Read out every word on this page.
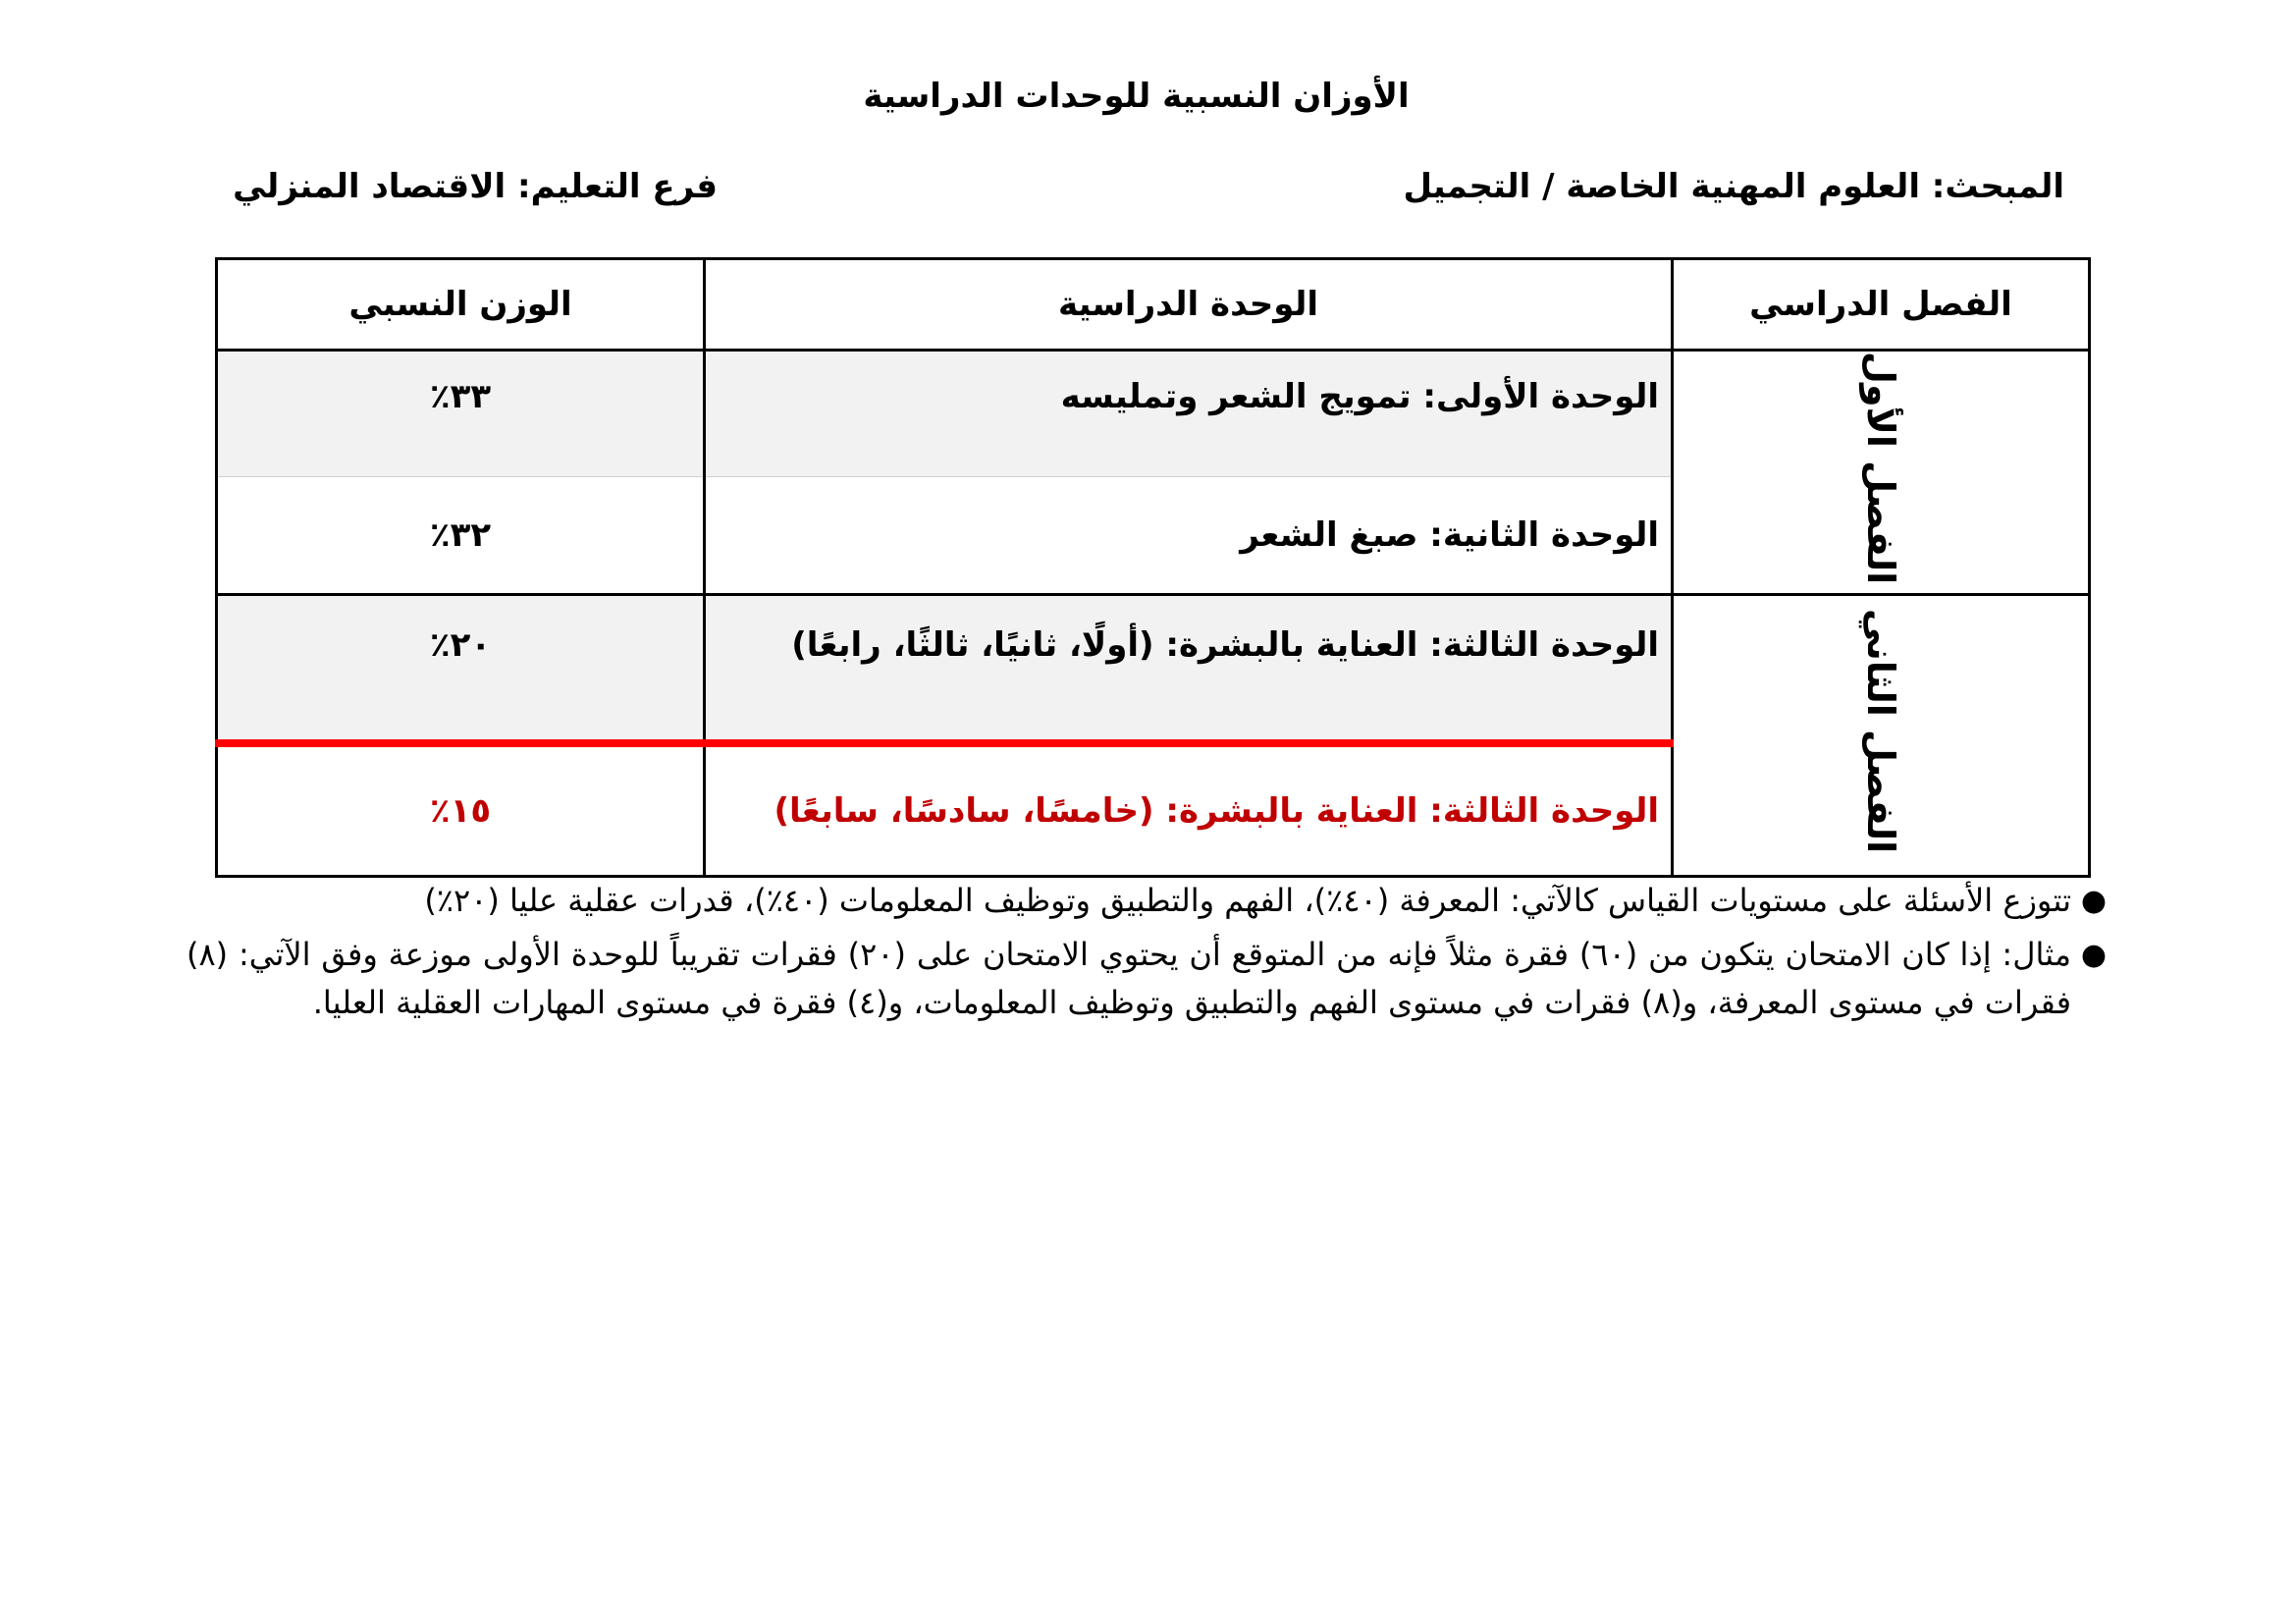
الأوزان النسبية للوحدات الدراسية
المبحث: العلوم المهنية الخاصة / التجميل
فرع التعليم: الاقتصاد المنزلي
الفصل الدراسي	الوحدة الدراسية	الوزن النسبي
الفصل الأول	الوحدة الأولى: تمويج الشعر وتمليسه	٣٣٪
	الوحدة الثانية: صبغ الشعر	٣٢٪
الفصل الثاني	الوحدة الثالثة: العناية بالبشرة: (أولًا، ثانيًا، ثالثًا، رابعًا)	٢٠٪
	الوحدة الثالثة: العناية بالبشرة: (خامسًا، سادسًا، سابعًا)	١٥٪
●
تتوزع الأسئلة على مستويات القياس كالآتي: المعرفة (٤٠٪)، الفهم والتطبيق وتوظيف المعلومات (٤٠٪)، قدرات عقلية عليا (٢٠٪)
●
مثال: إذا كان الامتحان يتكون من (٦٠) فقرة مثلاً فإنه من المتوقع أن يحتوي الامتحان على (٢٠) فقرات تقريباً للوحدة الأولى موزعة وفق الآتي: (٨) فقرات في مستوى المعرفة، و(٨) فقرات في مستوى الفهم والتطبيق وتوظيف المعلومات، و(٤) فقرة في مستوى المهارات العقلية العليا.
